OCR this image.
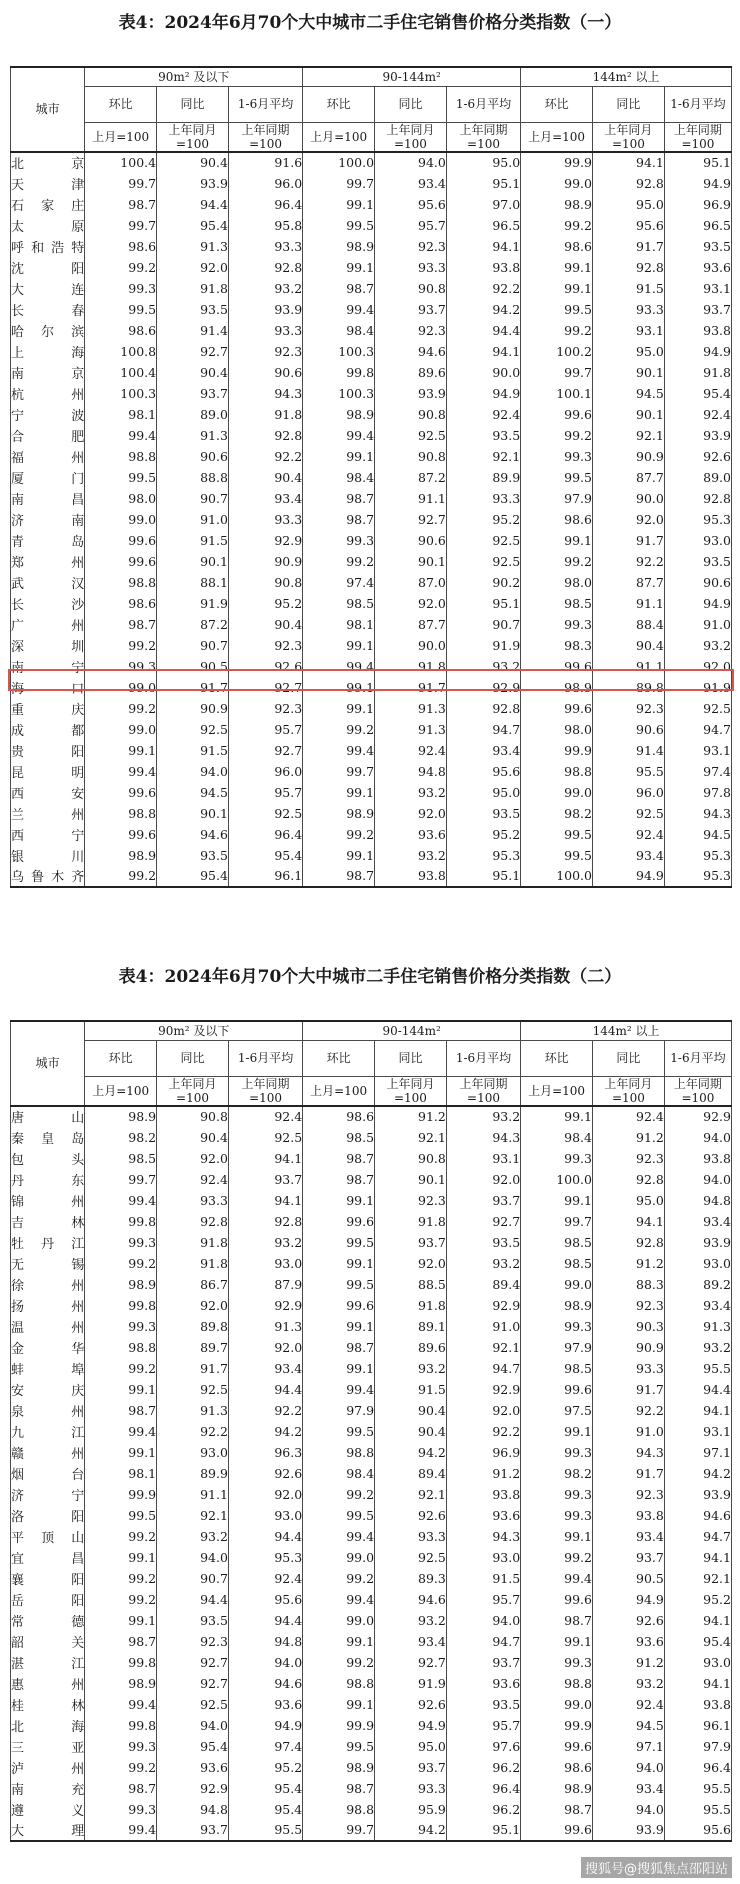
表4：2024年6月70个大中城市二手住宅销售价格分类指数（一）
城市	90m² 及以下			90-144m²			144m² 以上		
	环比	同比	1-6月平均	环比	同比	1-6月平均	环比	同比	1-6月平均
	上月=100	上年同月=100	上年同期=100	上月=100	上年同月=100	上年同期=100	上月=100	上年同月=100	上年同期=100
北京	100.4	90.4	91.6	100.0	94.0	95.0	99.9	94.1	95.1
天津	99.7	93.9	96.0	99.7	93.4	95.1	99.0	92.8	94.9
石家庄	98.7	94.4	96.4	99.1	95.6	97.0	98.9	95.0	96.9
太原	99.7	95.4	95.8	99.5	95.7	96.5	99.2	95.6	96.5
呼和浩特	98.6	91.3	93.3	98.9	92.3	94.1	98.6	91.7	93.5
沈阳	99.2	92.0	92.8	99.1	93.3	93.8	99.1	92.8	93.6
大连	99.3	91.8	93.2	98.7	90.8	92.2	99.1	91.5	93.1
长春	99.5	93.5	93.9	99.4	93.7	94.2	99.5	93.3	93.7
哈尔滨	98.6	91.4	93.3	98.4	92.3	94.4	99.2	93.1	93.8
上海	100.8	92.7	92.3	100.3	94.6	94.1	100.2	95.0	94.9
南京	100.4	90.4	90.6	99.8	89.6	90.0	99.7	90.1	91.8
杭州	100.3	93.7	94.3	100.3	93.9	94.9	100.1	94.5	95.4
宁波	98.1	89.0	91.8	98.9	90.8	92.4	99.6	90.1	92.4
合肥	99.4	91.3	92.8	99.4	92.5	93.5	99.2	92.1	93.9
福州	98.8	90.6	92.2	99.1	90.8	92.1	99.3	90.9	92.6
厦门	99.5	88.8	90.4	98.4	87.2	89.9	99.5	87.7	89.0
南昌	98.0	90.7	93.4	98.7	91.1	93.3	97.9	90.0	92.8
济南	99.0	91.0	93.3	98.7	92.7	95.2	98.6	92.0	95.3
青岛	99.6	91.5	92.9	99.3	90.6	92.5	99.1	91.7	93.0
郑州	99.6	90.1	90.9	99.2	90.1	92.5	99.2	92.2	93.5
武汉	98.8	88.1	90.8	97.4	87.0	90.2	98.0	87.7	90.6
长沙	98.6	91.9	95.2	98.5	92.0	95.1	98.5	91.1	94.9
广州	98.7	87.2	90.4	98.1	87.7	90.7	99.3	88.4	91.0
深圳	99.2	90.7	92.3	99.1	90.0	91.9	98.3	90.4	93.2
南宁	99.3	90.5	92.6	99.4	91.8	93.2	99.6	91.1	92.0
海口	99.0	91.7	92.7	99.1	91.7	92.9	98.9	89.8	91.9
重庆	99.2	90.9	92.3	99.1	91.3	92.8	99.6	92.3	92.5
成都	99.0	92.5	95.7	99.2	91.3	94.7	98.0	90.6	94.7
贵阳	99.1	91.5	92.7	99.4	92.4	93.4	99.9	91.4	93.1
昆明	99.4	94.0	96.0	99.7	94.8	95.6	98.8	95.5	97.4
西安	99.6	94.5	95.7	99.1	93.2	95.0	99.0	96.0	97.8
兰州	98.8	90.1	92.5	98.9	92.0	93.5	98.2	92.5	94.3
西宁	99.6	94.6	96.4	99.2	93.6	95.2	99.5	92.4	94.5
银川	98.9	93.5	95.4	99.1	93.2	95.3	99.5	93.4	95.3
乌鲁木齐	99.2	95.4	96.1	98.7	93.8	95.1	100.0	94.9	95.3
表4：2024年6月70个大中城市二手住宅销售价格分类指数（二）
城市	90m² 及以下			90-144m²			144m² 以上		
	环比	同比	1-6月平均	环比	同比	1-6月平均	环比	同比	1-6月平均
	上月=100	上年同月=100	上年同期=100	上月=100	上年同月=100	上年同期=100	上月=100	上年同月=100	上年同期=100
唐山	98.9	90.8	92.4	98.6	91.2	93.2	99.1	92.4	92.9
秦皇岛	98.2	90.4	92.5	98.5	92.1	94.3	98.4	91.2	94.0
包头	98.5	92.0	94.1	98.7	90.8	93.1	99.3	92.3	93.8
丹东	99.7	92.4	93.7	98.7	90.1	92.0	100.0	92.8	94.0
锦州	99.4	93.3	94.1	99.1	92.3	93.7	99.1	95.0	94.8
吉林	99.8	92.8	92.8	99.6	91.8	92.7	99.7	94.1	93.4
牡丹江	99.3	91.8	93.2	99.5	93.7	93.5	98.5	92.8	93.9
无锡	99.2	91.8	93.0	99.1	92.0	93.2	98.5	91.2	93.0
徐州	98.9	86.7	87.9	99.5	88.5	89.4	99.0	88.3	89.2
扬州	99.8	92.0	92.9	99.6	91.8	92.9	98.9	92.3	93.4
温州	99.3	89.8	91.3	99.1	89.1	91.0	99.3	90.3	91.3
金华	98.8	89.7	92.0	98.7	89.6	92.1	97.9	90.9	93.2
蚌埠	99.2	91.7	93.4	99.1	93.2	94.7	98.5	93.3	95.5
安庆	99.1	92.5	94.4	99.4	91.5	92.9	99.6	91.7	94.4
泉州	98.7	91.3	92.2	97.9	90.4	92.0	97.5	92.2	94.1
九江	99.4	92.2	94.2	99.5	90.4	92.2	99.1	91.0	93.1
赣州	99.1	93.0	96.3	98.8	94.2	96.9	99.3	94.3	97.1
烟台	98.1	89.9	92.6	98.4	89.4	91.2	98.2	91.7	94.2
济宁	99.9	91.1	92.0	99.2	92.1	93.8	99.3	92.3	93.9
洛阳	99.5	92.1	93.0	99.5	92.6	93.6	99.3	93.8	94.6
平顶山	99.2	93.2	94.4	99.4	93.3	94.3	99.1	93.4	94.7
宜昌	99.1	94.0	95.3	99.0	92.5	93.0	99.2	93.7	94.1
襄阳	99.2	90.7	92.4	99.2	89.3	91.5	99.4	90.5	92.1
岳阳	99.2	94.4	95.6	99.4	94.6	95.7	99.6	94.9	95.2
常德	99.1	93.5	94.4	99.0	93.2	94.0	98.7	92.6	94.1
韶关	98.7	92.3	94.8	99.1	93.4	94.7	99.1	93.6	95.4
湛江	99.8	92.7	94.0	99.2	92.7	93.7	99.3	91.2	93.0
惠州	98.9	92.7	94.6	98.8	91.9	93.6	98.8	93.2	94.1
桂林	99.4	92.5	93.6	99.1	92.6	93.5	99.0	92.4	93.8
北海	99.8	94.0	94.9	99.9	94.9	95.7	99.9	94.5	96.1
三亚	99.3	95.4	97.4	99.5	95.0	97.6	99.6	97.1	97.9
泸州	99.2	93.6	95.2	98.9	93.7	96.2	98.6	94.0	96.4
南充	98.7	92.9	95.4	98.7	93.3	96.4	98.9	93.4	95.5
遵义	99.3	94.8	95.4	98.8	95.9	96.2	98.7	94.0	95.5
大理	99.4	93.7	95.5	99.7	94.2	95.1	99.6	93.9	95.6
搜狐号@搜狐焦点邵阳站
